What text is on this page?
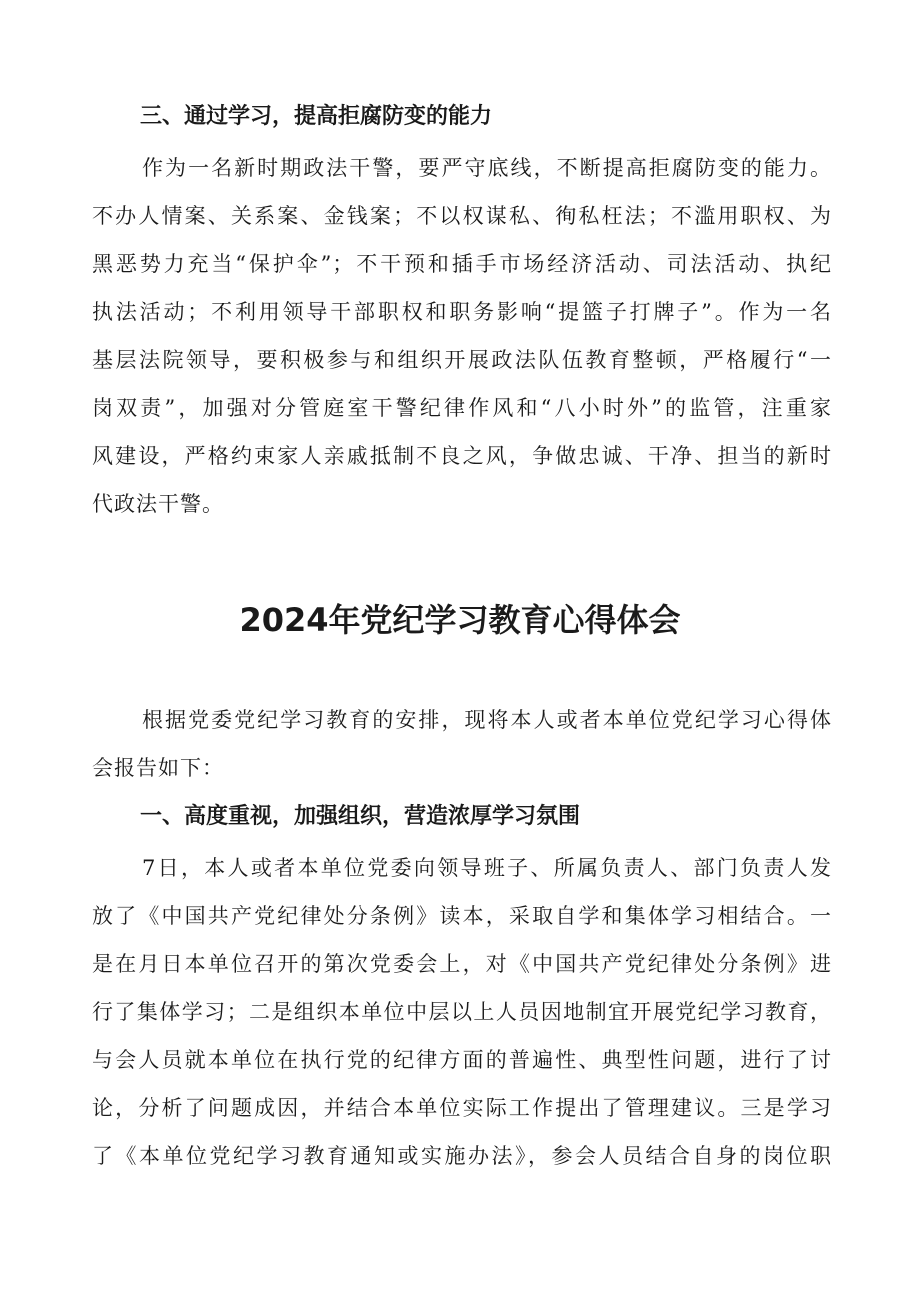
三、通过学习，提高拒腐防变的能力
作为一名新时期政法干警，要严守底线，不断提高拒腐防变的能力。
不办人情案、关系案、金钱案；不以权谋私、徇私枉法；不滥用职权、为
黑恶势力充当“保护伞”；不干预和插手市场经济活动、司法活动、执纪
执法活动；不利用领导干部职权和职务影响“提篮子打牌子”。作为一名
基层法院领导，要积极参与和组织开展政法队伍教育整顿，严格履行“一
岗双责”，加强对分管庭室干警纪律作风和“八小时外”的监管，注重家
风建设，严格约束家人亲戚抵制不良之风，争做忠诚、干净、担当的新时
代政法干警。
2024年党纪学习教育心得体会
根据党委党纪学习教育的安排，现将本人或者本单位党纪学习心得体
会报告如下：
一、高度重视，加强组织，营造浓厚学习氛围
7日，本人或者本单位党委向领导班子、所属负责人、部门负责人发
放了《中国共产党纪律处分条例》读本，采取自学和集体学习相结合。一
是在月日本单位召开的第次党委会上，对《中国共产党纪律处分条例》进
行了集体学习；二是组织本单位中层以上人员因地制宜开展党纪学习教育，
与会人员就本单位在执行党的纪律方面的普遍性、典型性问题，进行了讨
论，分析了问题成因，并结合本单位实际工作提出了管理建议。三是学习
了《本单位党纪学习教育通知或实施办法》，参会人员结合自身的岗位职
